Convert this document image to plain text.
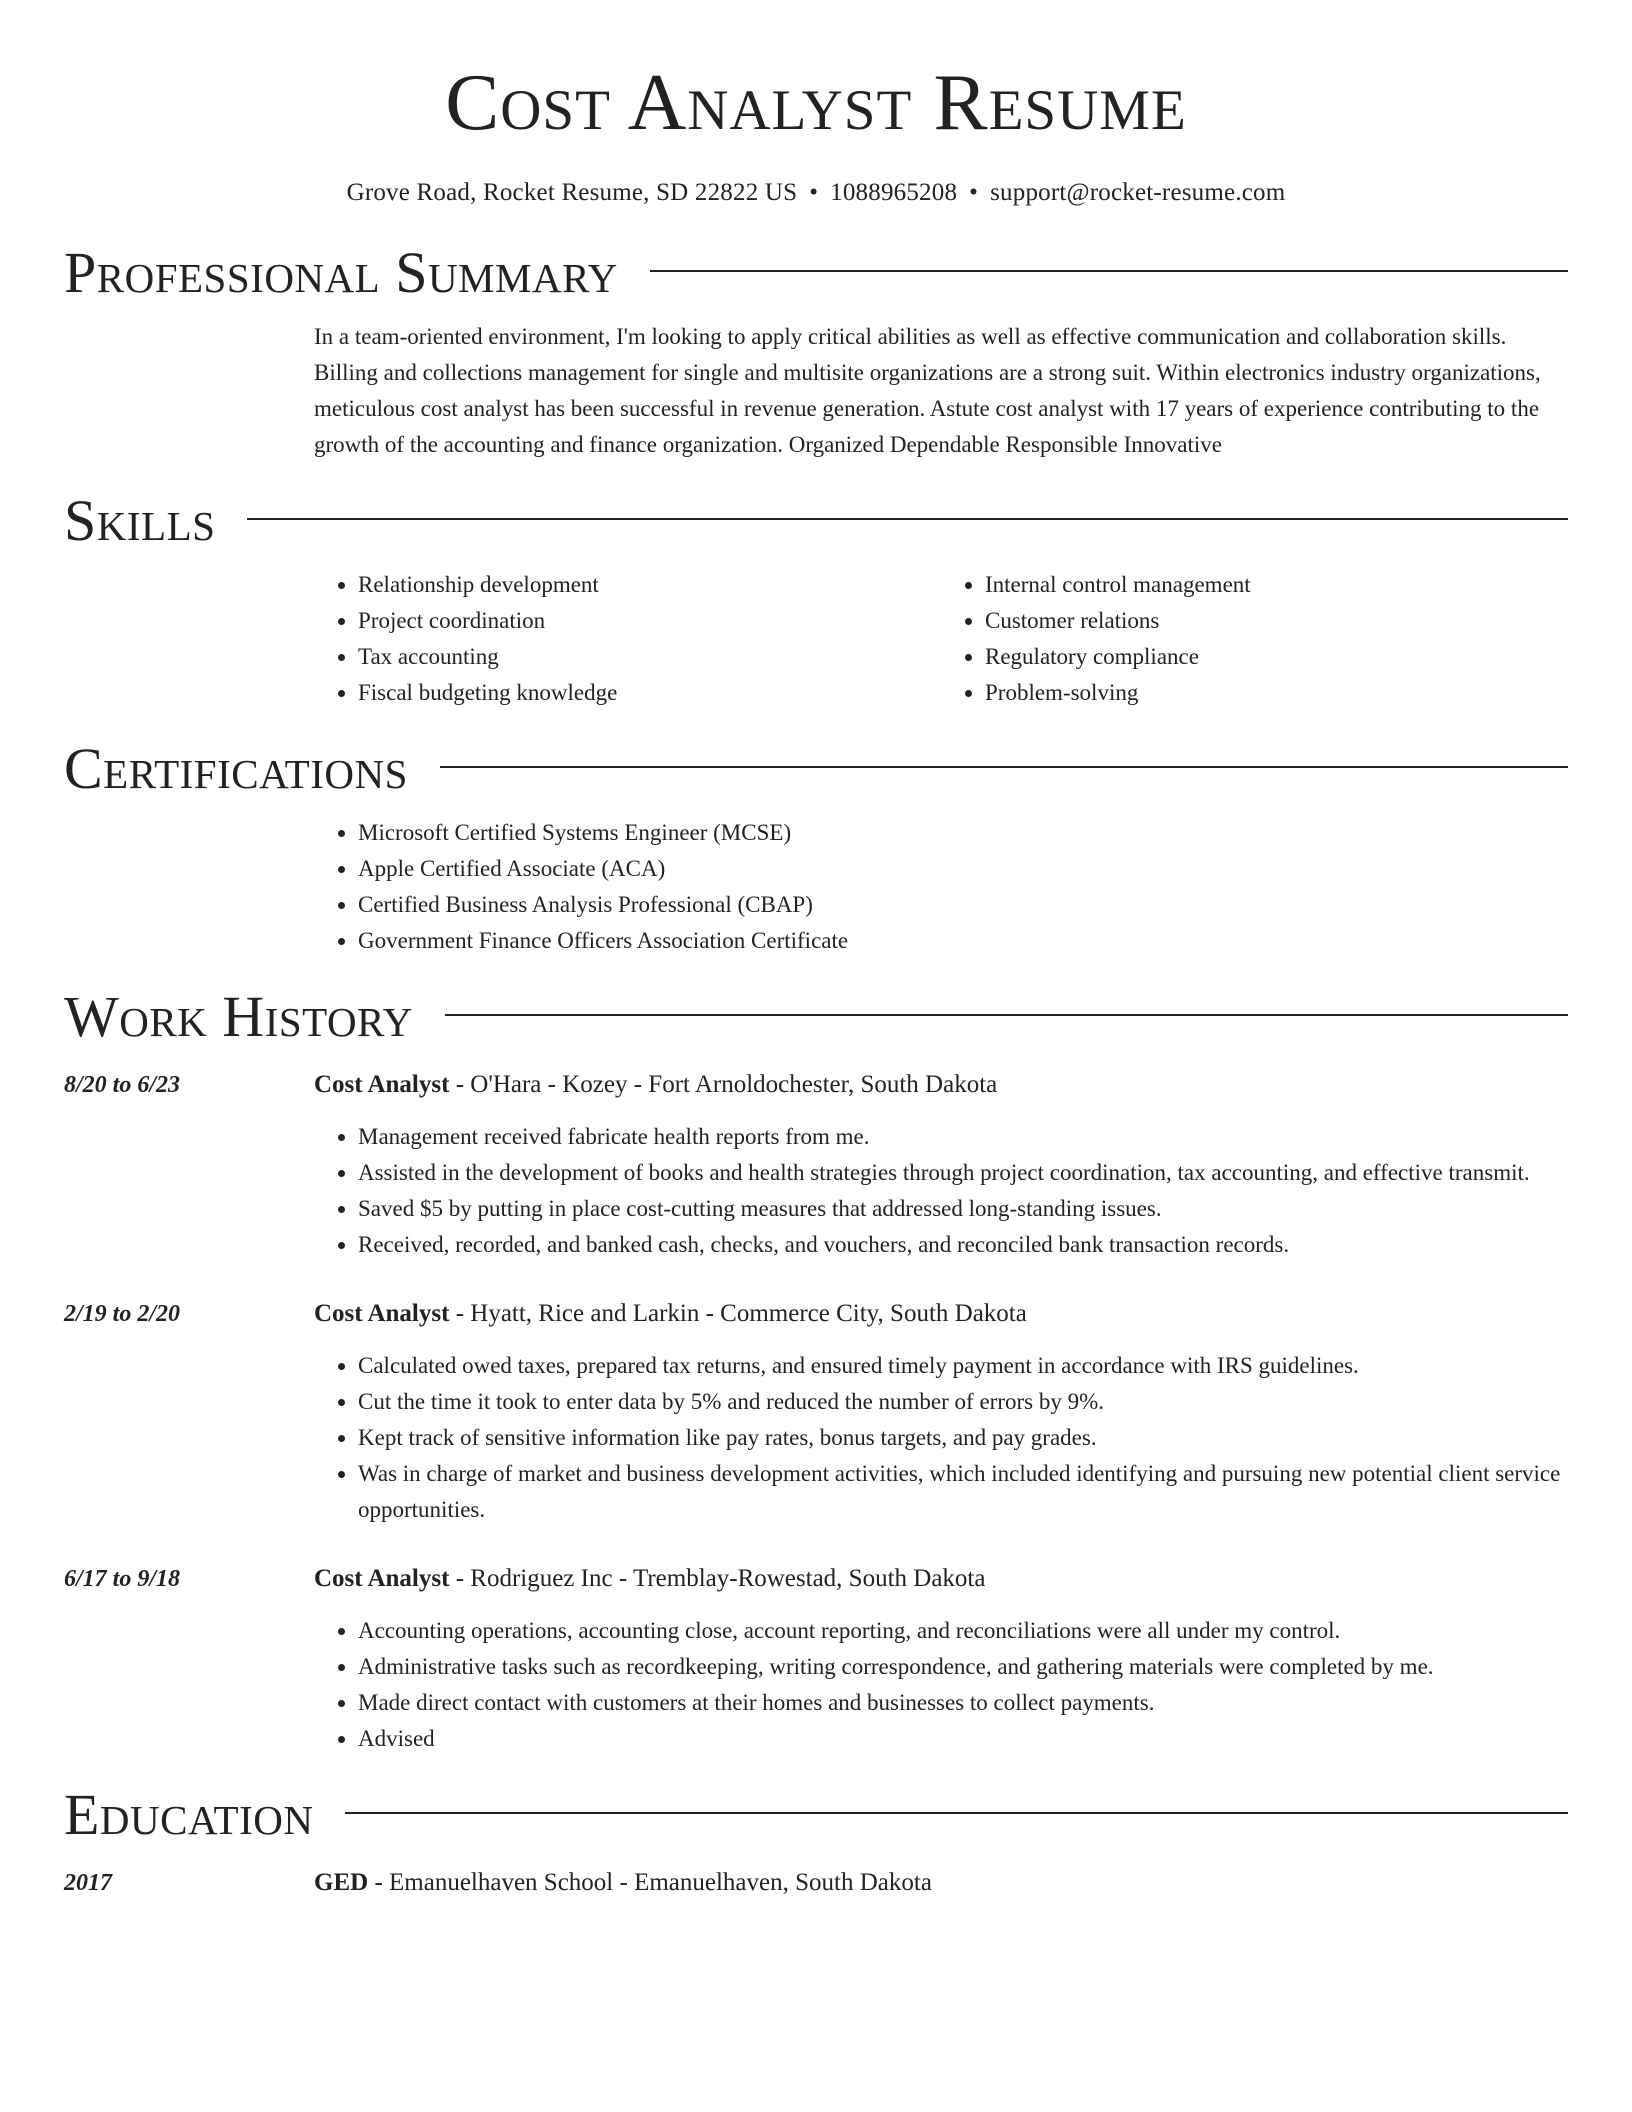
Cost Analyst Resume
Grove Road, Rocket Resume, SD 22822 US • 1088965208 • support@rocket-resume.com
Professional Summary

In a team-oriented environment, I'm looking to apply critical abilities as well as effective communication and collaboration skills. Billing and collections management for single and multisite organizations are a strong suit. Within electronics industry organizations, meticulous cost analyst has been successful in revenue generation. Astute cost analyst with 17 years of experience contributing to the growth of the accounting and finance organization. Organized Dependable Responsible Innovative

Skills
• Relationship development
• Project coordination
• Tax accounting
• Fiscal budgeting knowledge
• Internal control management
• Customer relations
• Regulatory compliance
• Problem-solving
Certifications
• Microsoft Certified Systems Engineer (MCSE)
• Apple Certified Associate (ACA)
• Certified Business Analysis Professional (CBAP)
• Government Finance Officers Association Certificate
Work History
8/20 to 6/23	Cost Analyst - O'Hara - Kozey - Fort Arnoldochester, South Dakota
• Management received fabricate health reports from me.
• Assisted in the development of books and health strategies through project coordination, tax accounting, and effective transmit.
• Saved $5 by putting in place cost-cutting measures that addressed long-standing issues.
• Received, recorded, and banked cash, checks, and vouchers, and reconciled bank transaction records.
2/19 to 2/20	Cost Analyst - Hyatt, Rice and Larkin - Commerce City, South Dakota
• Calculated owed taxes, prepared tax returns, and ensured timely payment in accordance with IRS guidelines.
• Cut the time it took to enter data by 5% and reduced the number of errors by 9%.
• Kept track of sensitive information like pay rates, bonus targets, and pay grades.
• Was in charge of market and business development activities, which included identifying and pursuing new potential client service opportunities.
6/17 to 9/18	Cost Analyst - Rodriguez Inc - Tremblay-Rowestad, South Dakota
• Accounting operations, accounting close, account reporting, and reconciliations were all under my control.
• Administrative tasks such as recordkeeping, writing correspondence, and gathering materials were completed by me.
• Made direct contact with customers at their homes and businesses to collect payments.
• Advised
Education
2017	GED - Emanuelhaven School - Emanuelhaven, South Dakota
